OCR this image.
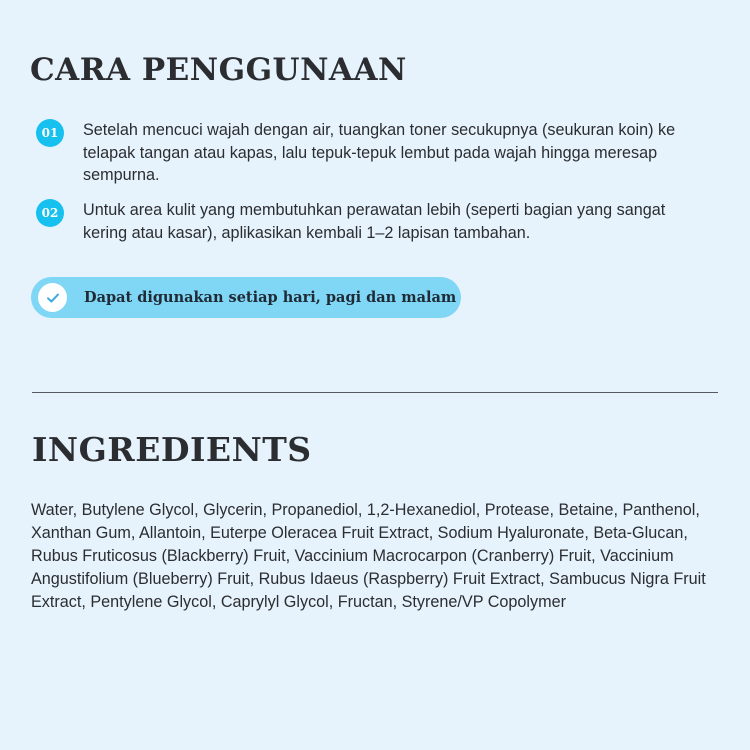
CARA PENGGUNAAN
01	Setelah mencuci wajah dengan air, tuangkan toner secukupnya (seukuran koin) ke telapak tangan atau kapas, lalu tepuk-tepuk lembut pada wajah hingga meresap sempurna.
02	Untuk area kulit yang membutuhkan perawatan lebih (seperti bagian yang sangat kering atau kasar), aplikasikan kembali 1–2 lapisan tambahan.
Dapat digunakan setiap hari, pagi dan malam
INGREDIENTS

Water, Butylene Glycol, Glycerin, Propanediol, 1,2-Hexanediol, Protease, Betaine, Panthenol, Xanthan Gum, Allantoin, Euterpe Oleracea Fruit Extract, Sodium Hyaluronate, Beta-Glucan, Rubus Fruticosus (Blackberry) Fruit, Vaccinium Macrocarpon (Cranberry) Fruit, Vaccinium Angustifolium (Blueberry) Fruit, Rubus Idaeus (Raspberry) Fruit Extract, Sambucus Nigra Fruit Extract, Pentylene Glycol, Caprylyl Glycol, Fructan, Styrene/VP Copolymer
